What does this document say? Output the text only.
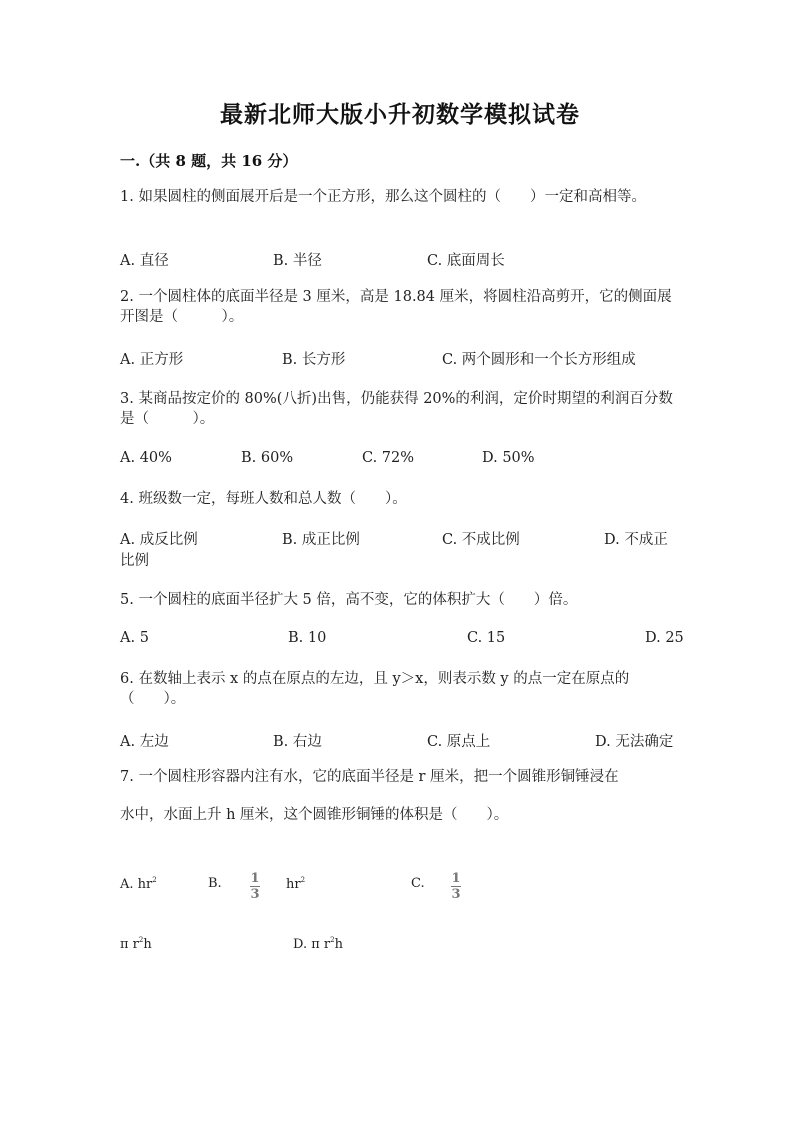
最新北师大版小升初数学模拟试卷
一.（共 8 题，共 16 分）
1. 如果圆柱的侧面展开后是一个正方形，那么这个圆柱的（　　）一定和高相等。
A. 直径	B. 半径	C. 底面周长
2. 一个圆柱体的底面半径是 3 厘米，高是 18.84 厘米，将圆柱沿高剪开，它的侧面展开图是（　　　）。
A. 正方形	B. 长方形	C. 两个圆形和一个长方形组成
3. 某商品按定价的 80%(八折)出售，仍能获得 20%的利润，定价时期望的利润百分数是（　　　）。
A. 40%	B. 60%	C. 72%	D. 50%
4. 班级数一定，每班人数和总人数（　　）。
A. 成反比例	B. 成正比例	C. 不成比例	D. 不成正
比例
5. 一个圆柱的底面半径扩大 5 倍，高不变，它的体积扩大（　　）倍。
A. 5	B. 10	C. 15	D. 25
6. 在数轴上表示 x 的点在原点的左边，且 y＞x，则表示数 y 的点一定在原点的（　　）。
A. 左边	B. 右边	C. 原点上	D. 无法确定
7. 一个圆柱形容器内注有水，它的底面半径是 r 厘米，把一个圆锥形铜锤浸在
水中，水面上升 h 厘米，这个圆锥形铜锤的体积是（　　）。
A. $hr^2$	B. 1
3
$hr^2$	C. 1
3
π $r^2h$	D. π $r^2h$
